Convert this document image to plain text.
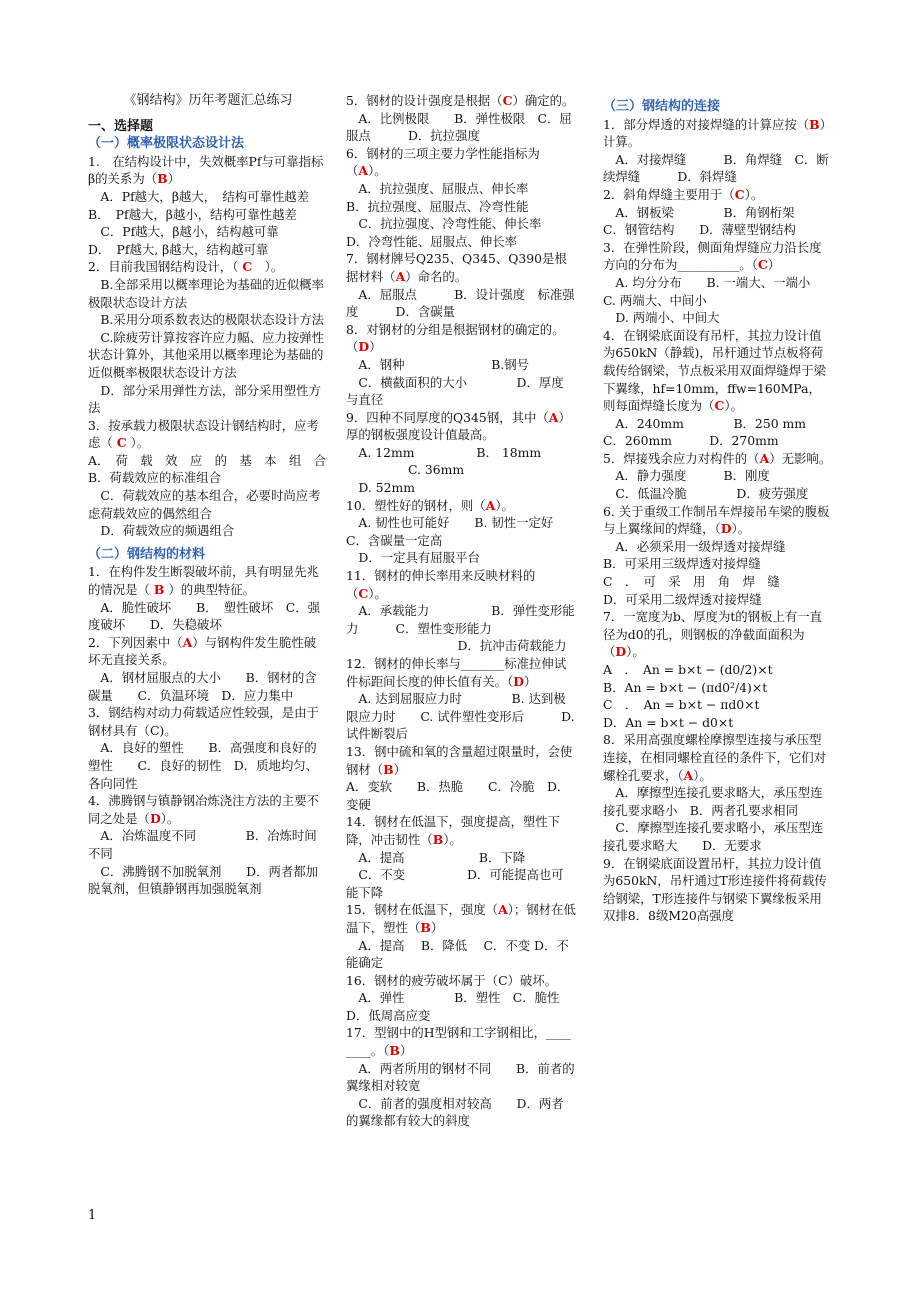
《钢结构》历年考题汇总练习
一、选择题
（一）概率极限状态设计法
1.　在结构设计中，失效概率Pf与可靠指标β的关系为（B）
　A．Pf越大，β越大，　结构可靠性越差　　B．　Pf越大，β越小，结构可靠性越差
　C．Pf越大，β越小，结构越可靠　　　D．　Pf越大, β越大，结构越可靠
2．目前我国钢结构设计，（ C　）。
　B.全部采用以概率理论为基础的近似概率极限状态设计方法
　B.采用分项系数表达的极限状态设计方法
　C.除疲劳计算按容许应力幅、应力按弹性状态计算外，其他采用以概率理论为基础的近似概率极限状态设计方法
　D．部分采用弹性方法，部分采用塑性方法
3．按承载力极限状态设计钢结构时，应考虑（ C ）。
A．　荷　载　效　应　的　基　本　组　合
B．荷载效应的标准组合
　C．荷载效应的基本组合，必要时尚应考虑荷载效应的偶然组合
　D．荷载效应的频遇组合
（二）钢结构的材料
1．在构件发生断裂破坏前，具有明显先兆的情况是（ B ）的典型特征。
　A．脆性破坏　　B．　塑性破坏　C．强度破坏　　D．失稳破坏
2．下列因素中（A）与钢构件发生脆性破坏无直接关系。
　A．钢材屈服点的大小　　B．钢材的含碳量　　C．负温环境　D．应力集中
3．钢结构对动力荷载适应性较强，是由于钢材具有（C)。
　A．良好的塑性　　B．高强度和良好的塑性　　C．良好的韧性　D．质地均匀、各向同性
4．沸腾钢与镇静钢冶炼浇注方法的主要不同之处是（D）。
　A．冶炼温度不同　　　　B．冶炼时间不同
　C．沸腾钢不加脱氧剂　　D．两者都加脱氧剂，但镇静钢再加强脱氧剂
5．钢材的设计强度是根据（C）确定的。
　A．比例极限　　B．弹性极限　C．屈服点　　　D．抗拉强度
6．钢材的三项主要力学性能指标为（A）。
　A．抗拉强度、屈服点、伸长率
B．抗拉强度、屈服点、冷弯性能
　C．抗拉强度、冷弯性能、伸长率
D．冷弯性能、屈服点、伸长率
7．钢材牌号Q235、Q345、Q390是根据材料（A）命名的。
　A．屈服点　　　B．设计强度　标准强度　　　D．含碳量
8．对钢材的分组是根据钢材的确定的。（D）
　A．钢种　　　　　　　B.钢号
　C．横截面积的大小　　　　D．厚度与直径
9．四种不同厚度的Q345钢，其中（A）厚的钢板强度设计值最高。
　A. 12mm　　　　　B.　18mm
　　　　　C. 36mm
　D. 52mm
10．塑性好的钢材，则（A）。
　A. 韧性也可能好　　B. 韧性一定好　　C．含碳量一定高
　D．一定具有屈服平台
11．钢材的伸长率用来反映材料的（C）。
　A．承载能力　　　　　B．弹性变形能力　　　C．塑性变形能力
　　　　　　　　　D．抗冲击荷载能力
12．钢材的伸长率与_______标准拉伸试件标距间长度的伸长值有关。（D）
　A. 达到屈服应力时　　　　B. 达到极限应力时　　C. 试件塑性变形后　　　D. 试件断裂后
13．钢中硫和氧的含量超过限量时，会使钢材（B）
A．变软　　B．热脆　　C．冷脆　D．　变硬
14．钢材在低温下，强度提高，塑性下降，冲击韧性（B）。
　A．提高　　　　　　B．下降
　C．不变　　　　　D．可能提高也可能下降
15．钢材在低温下，强度（A）；钢材在低温下，塑性（B）
　A．提高　 B．降低　 C．不变 D．不能确定
16．钢材的疲劳破坏属于（C）破坏。
　A．弹性　　　　B．塑性　C．脆性　　　　D．低周高应变
17．型钢中的H型钢和工字钢相比，________。（B）
　A．两者所用的钢材不同　　B．前者的翼缘相对较宽
　C．前者的强度相对较高　　D．两者的翼缘都有较大的斜度
（三）钢结构的连接
1．部分焊透的对接焊缝的计算应按（B）计算。
　A．对接焊缝　　　B．角焊缝　C．断续焊缝　　　D．斜焊缝
2．斜角焊缝主要用于（C）。
　A．钢板梁　　　　B．角钢桁架　　　C．钢管结构　　D．薄壁型钢结构
3．在弹性阶段，侧面角焊缝应力沿长度方向的分布为__________。（C）
　A. 均分分布　　B. 一端大、一端小　　C. 两端大、中间小
　D. 两端小、中间大
4．在钢梁底面设有吊杆，其拉力设计值为650kN（静载)，吊杆通过节点板将荷载传给钢梁，节点板采用双面焊缝焊于梁下翼缘，hf=10mm，ffw=160MPa，则每面焊缝长度为（C）。
　A．240mm　　　　B．250 mm
C．260mm　　　D．270mm
5．焊接残余应力对构件的（A）无影响。
　A．静力强度　　　B．刚度
　C．低温冷脆　　　　D．疲劳强度
6. 关于重级工作制吊车焊接吊车梁的腹板与上翼缘间的焊缝，（D）。
　A．必须采用一级焊透对接焊缝
B．可采用三级焊透对接焊缝
C　．　可　采　用　角　焊　缝
D．可采用二级焊透对接焊缝
7．一宽度为b、厚度为t的钢板上有一直径为d0的孔，则钢板的净截面面积为（D）。
A　．　An = b×t − (d0/2)×t
B．An = b×t − (πd0²/4)×t
C　．　An = b×t − πd0×t
D．An = b×t − d0×t
8．采用高强度螺栓摩擦型连接与承压型连接，在相同螺栓直径的条件下，它们对螺栓孔要求，（A）。
　A．摩擦型连接孔要求略大，承压型连接孔要求略小　B．两者孔要求相同
　C．摩擦型连接孔要求略小，承压型连接孔要求略大　　D．无要求
9．在钢梁底面设置吊杆，其拉力设计值为650kN，吊杆通过T形连接件将荷载传给钢梁，T形连接件与钢梁下翼缘板采用双排8．8级M20高强度
1
